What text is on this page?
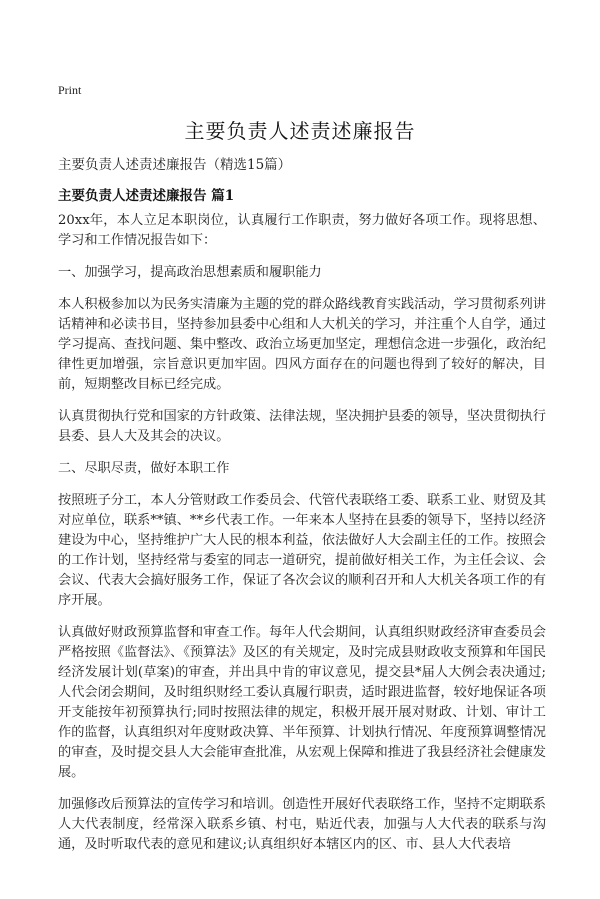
Print
主要负责人述责述廉报告
主要负责人述责述廉报告（精选15篇）
主要负责人述责述廉报告 篇1

20xx年，本人立足本职岗位，认真履行工作职责，努力做好各项工作。现将思想、学习和工作情况报告如下：

一、加强学习，提高政治思想素质和履职能力

本人积极参加以为民务实清廉为主题的党的群众路线教育实践活动，学习贯彻系列讲话精神和必读书目，坚持参加县委中心组和人大机关的学习，并注重个人自学，通过学习提高、查找问题、集中整改、政治立场更加坚定，理想信念进一步强化，政治纪律性更加增强，宗旨意识更加牢固。四风方面存在的问题也得到了较好的解决，目前，短期整改目标已经完成。

认真贯彻执行党和国家的方针政策、法律法规，坚决拥护县委的领导，坚决贯彻执行县委、县人大及其会的决议。

二、尽职尽责，做好本职工作

按照班子分工，本人分管财政工作委员会、代管代表联络工委、联系工业、财贸及其对应单位，联系**镇、**乡代表工作。一年来本人坚持在县委的领导下，坚持以经济建设为中心，坚持维护广大人民的根本利益，依法做好人大会副主任的工作。按照会的工作计划，坚持经常与委室的同志一道研究，提前做好相关工作，为主任会议、会会议、代表大会搞好服务工作，保证了各次会议的顺利召开和人大机关各项工作的有序开展。

认真做好财政预算监督和审查工作。每年人代会期间，认真组织财政经济审查委员会严格按照《监督法》、《预算法》及区的有关规定，及时完成县财政收支预算和年国民经济发展计划(草案)的审查，并出具中肯的审议意见，提交县*届人大例会表决通过;人代会闭会期间，及时组织财经工委认真履行职责，适时跟进监督，较好地保证各项开支能按年初预算执行;同时按照法律的规定，积极开展开展对财政、计划、审计工作的监督，认真组织对年度财政决算、半年预算、计划执行情况、年度预算调整情况的审查，及时提交县人大会能审查批准，从宏观上保障和推进了我县经济社会健康发展。

加强修改后预算法的宣传学习和培训。创造性开展好代表联络工作，坚持不定期联系人大代表制度，经常深入联系乡镇、村屯，贴近代表，加强与人大代表的联系与沟通，及时听取代表的意见和建议;认真组织好本辖区内的区、市、县人大代表培
